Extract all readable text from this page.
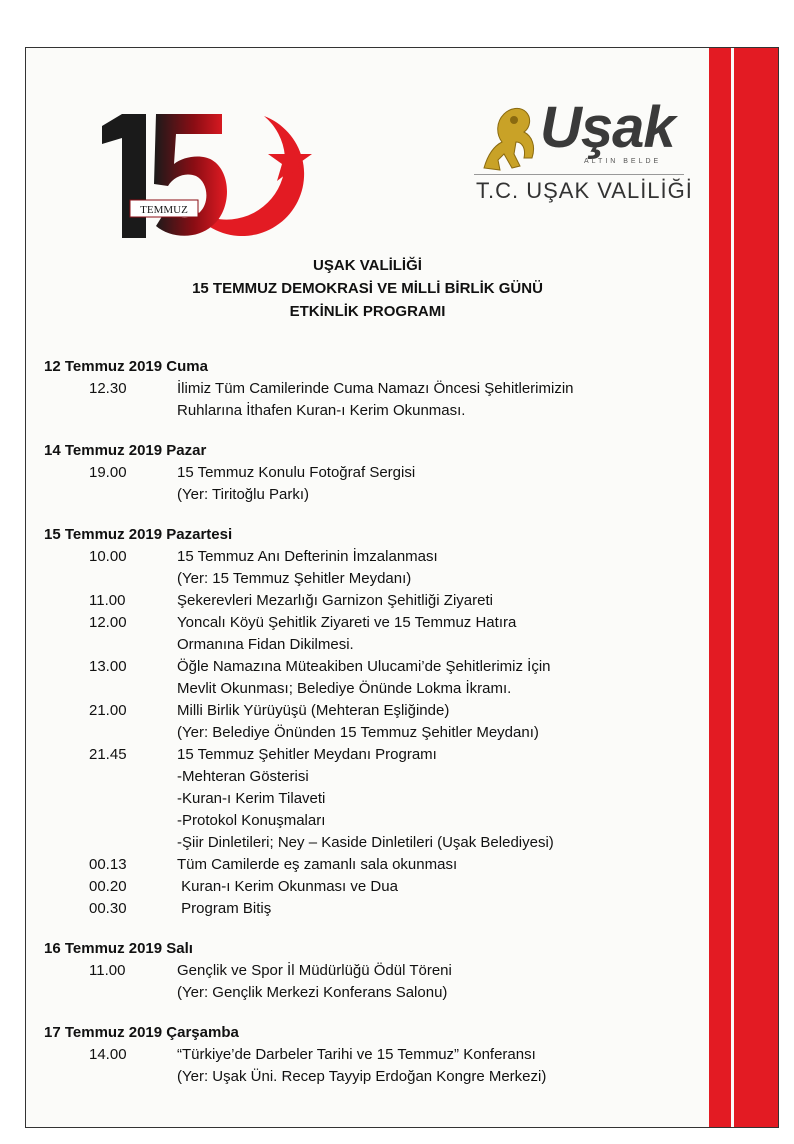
TEMMUZ
Uşak
ALTIN BELDE
T.C. UŞAK VALİLİĞİ
UŞAK VALİLİĞİ
15 TEMMUZ DEMOKRASİ VE MİLLİ BİRLİK GÜNÜ
ETKİNLİK PROGRAMI
12 Temmuz 2019 Cuma
12.30	İlimiz Tüm Camilerinde Cuma Namazı Öncesi Şehitlerimizin
Ruhlarına İthafen Kuran-ı Kerim Okunması.
14 Temmuz 2019 Pazar
19.00	15 Temmuz Konulu Fotoğraf Sergisi
(Yer: Tiritoğlu Parkı)
15 Temmuz 2019 Pazartesi
10.00	15 Temmuz Anı Defterinin İmzalanması
(Yer: 15 Temmuz Şehitler Meydanı)
11.00	Şekerevleri Mezarlığı Garnizon Şehitliği Ziyareti
12.00	Yoncalı Köyü Şehitlik Ziyareti ve 15 Temmuz Hatıra
Ormanına Fidan Dikilmesi.
13.00	Öğle Namazına Müteakiben Ulucami’de Şehitlerimiz İçin
Mevlit Okunması; Belediye Önünde Lokma İkramı.
21.00	Milli Birlik Yürüyüşü (Mehteran Eşliğinde)
(Yer: Belediye Önünden 15 Temmuz Şehitler Meydanı)
21.45	15 Temmuz Şehitler Meydanı Programı
-Mehteran Gösterisi
-Kuran-ı Kerim Tilaveti
-Protokol Konuşmaları
-Şiir Dinletileri; Ney – Kaside Dinletileri (Uşak Belediyesi)
00.13	Tüm Camilerde eş zamanlı sala okunması
00.20	Kuran-ı Kerim Okunması ve Dua
00.30	Program Bitiş
16 Temmuz 2019 Salı
11.00	Gençlik ve Spor İl Müdürlüğü Ödül Töreni
(Yer: Gençlik Merkezi Konferans Salonu)
17 Temmuz 2019 Çarşamba
14.00	“Türkiye’de Darbeler Tarihi ve 15 Temmuz” Konferansı
(Yer: Uşak Üni. Recep Tayyip Erdoğan Kongre Merkezi)
